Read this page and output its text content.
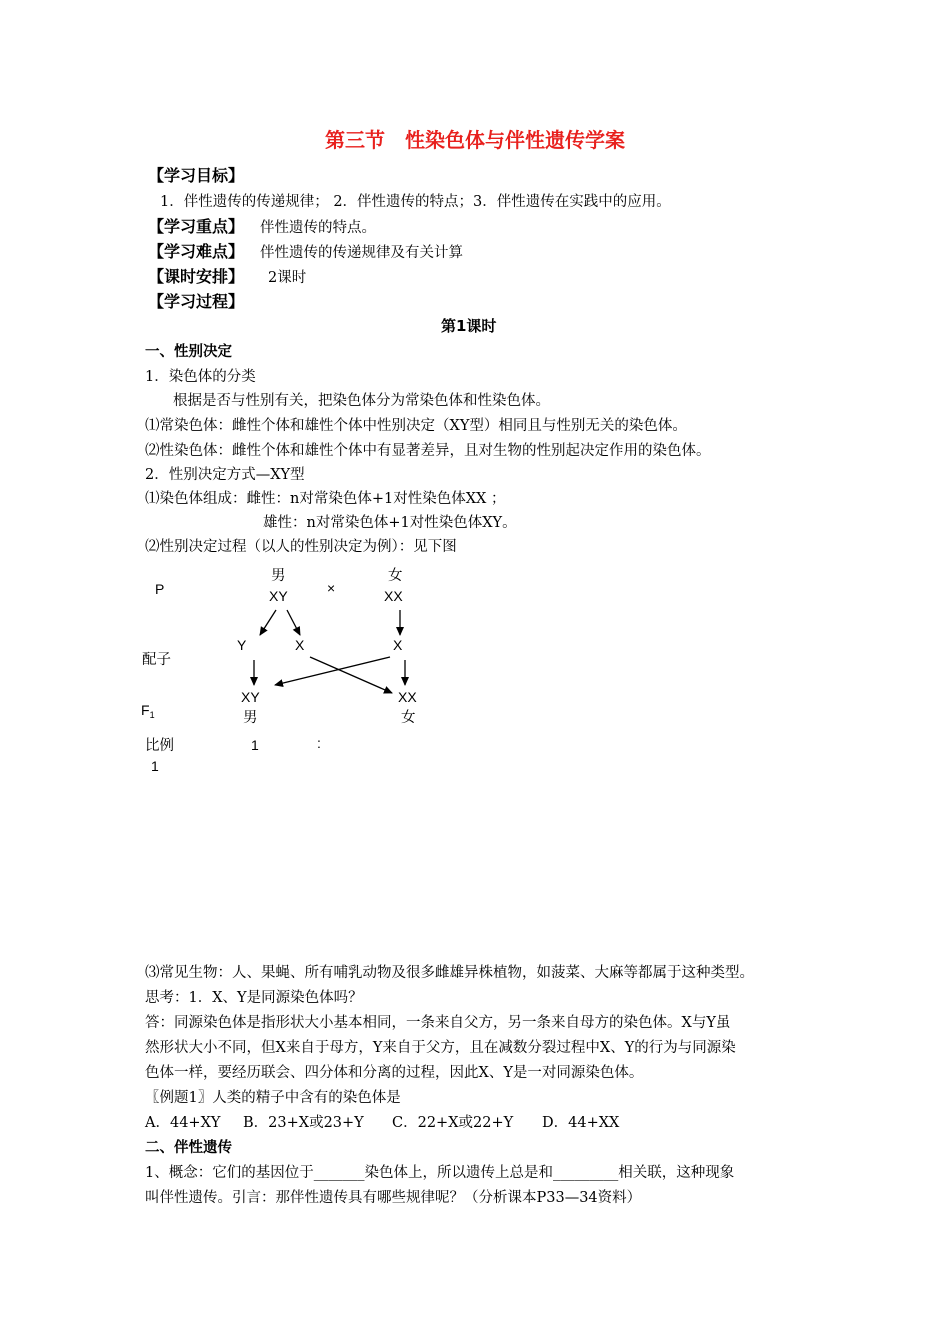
第三节　性染色体与伴性遗传学案
【学习目标】
1．伴性遗传的传递规律； 2．伴性遗传的特点；3．伴性遗传在实践中的应用。
【学习重点】 伴性遗传的特点。
【学习难点】 伴性遗传的传递规律及有关计算
【课时安排】 2课时
【学习过程】
第1课时
一、性别决定
1．染色体的分类
根据是否与性别有关，把染色体分为常染色体和性染色体。
⑴常染色体：雌性个体和雄性个体中性别决定（XY型）相同且与性别无关的染色体。
⑵性染色体：雌性个体和雄性个体中有显著差异，且对生物的性别起决定作用的染色体。
2．性别决定方式—XY型
⑴染色体组成：雌性：n对常染色体+1对性染色体XX ；
雄性：n对常染色体+1对性染色体XY。
⑵性别决定过程（以人的性别决定为例）：见下图
P
配子
$F_1$
比例
男
XY	×
女
XX
Y	X	X
XY
男
XX
女
1	:
1
⑶常见生物：人、果蝇、所有哺乳动物及很多雌雄异株植物，如菠菜、大麻等都属于这种类型。
思考：1．X、Y是同源染色体吗？
答：同源染色体是指形状大小基本相同，一条来自父方，另一条来自母方的染色体。X与Y虽
然形状大小不同，但X来自于母方，Y来自于父方，且在减数分裂过程中X、Y的行为与同源染
色体一样，要经历联会、四分体和分离的过程，因此X、Y是一对同源染色体。
〖例题1〗人类的精子中含有的染色体是
A．44+XY B．23+X或23+Y C．22+X或22+Y D．44+XX
二、伴性遗传
1、概念：它们的基因位于_______染色体上，所以遗传上总是和_________相关联，这种现象
叫伴性遗传。引言：那伴性遗传具有哪些规律呢？（分析课本P33—34资料）
